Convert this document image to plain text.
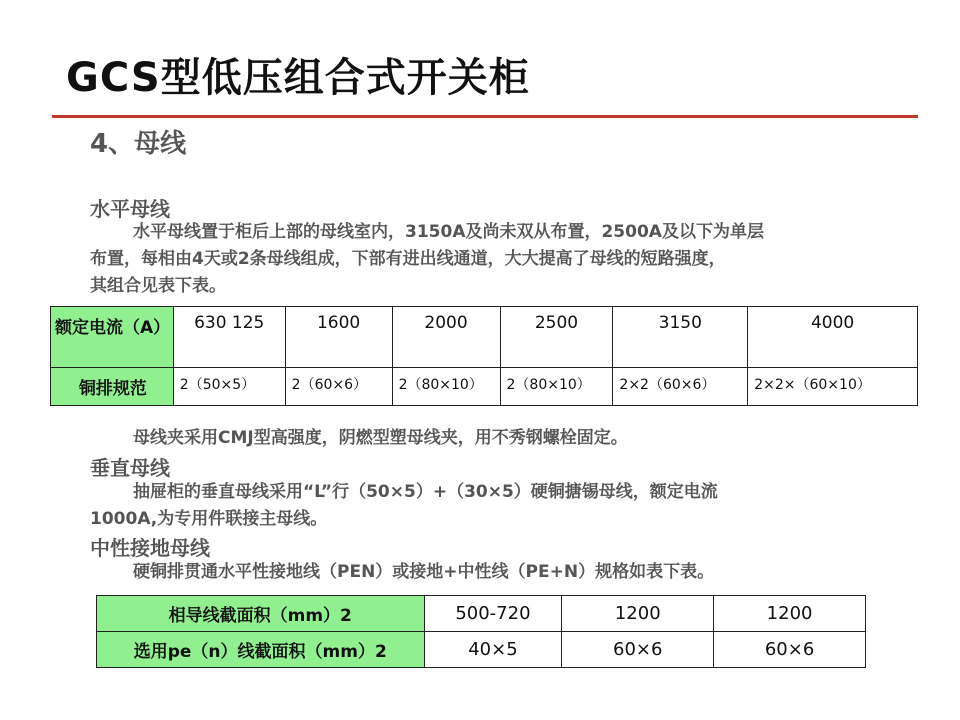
GCS型低压组合式开关柜
4、母线
水平母线
水平母线置于柜后上部的母线室内，3150A及尚未双从布置，2500A及以下为单层
布置，每相由4天或2条母线组成，下部有进出线通道，大大提高了母线的短路强度，
其组合见表下表。
额定电流（A）	630 125	1600	2000	2500	3150	4000
铜排规范	2（50×5）	2（60×6）	2（80×10）	2（80×10）	2×2（60×6）	2×2×（60×10）
母线夹采用CMJ型高强度，阴燃型塑母线夹，用不秀钢螺栓固定。
垂直母线
抽屉柜的垂直母线采用“L”行（50×5）+（30×5）硬铜搪锡母线，额定电流
1000A,为专用件联接主母线。
中性接地母线
硬铜排贯通水平性接地线（PEN）或接地+中性线（PE+N）规格如表下表。
相导线截面积（mm）2	500-720	1200	1200
选用pe（n）线截面积（mm）2	40×5	60×6	60×6
